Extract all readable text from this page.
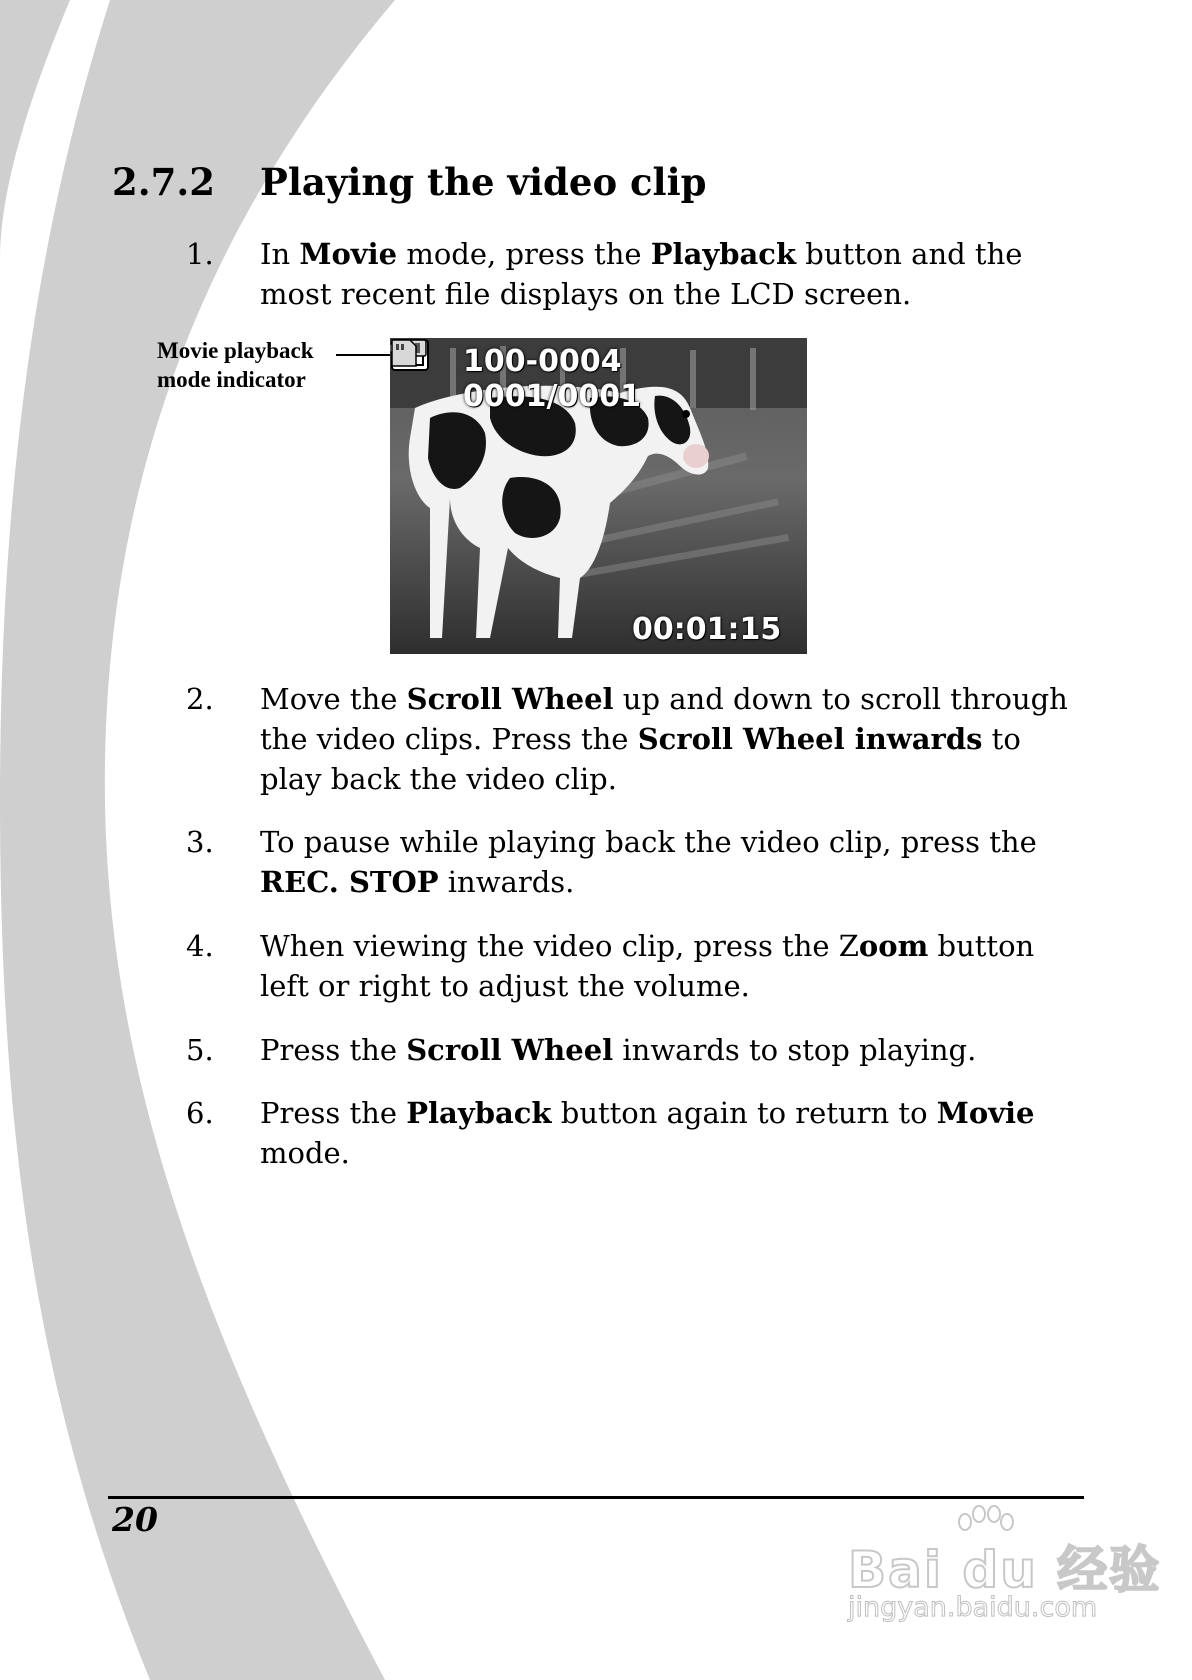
2.7.2 Playing the video clip
1.	In Movie mode, press the Playback button and the most recent file displays on the LCD screen.
2.	Move the Scroll Wheel up and down to scroll through the video clips. Press the Scroll Wheel inwards to play back the video clip.
3.	To pause while playing back the video clip, press the REC. STOP inwards.
4.	When viewing the video clip, press the Zoom button left or right to adjust the volume.
5.	Press the Scroll Wheel inwards to stop playing.
6.	Press the Playback button again to return to Movie mode.
Movie playback
mode indicator
100-0004 0001/0001
00:01:15
20
Bai du 经验
jingyan.baidu.com
